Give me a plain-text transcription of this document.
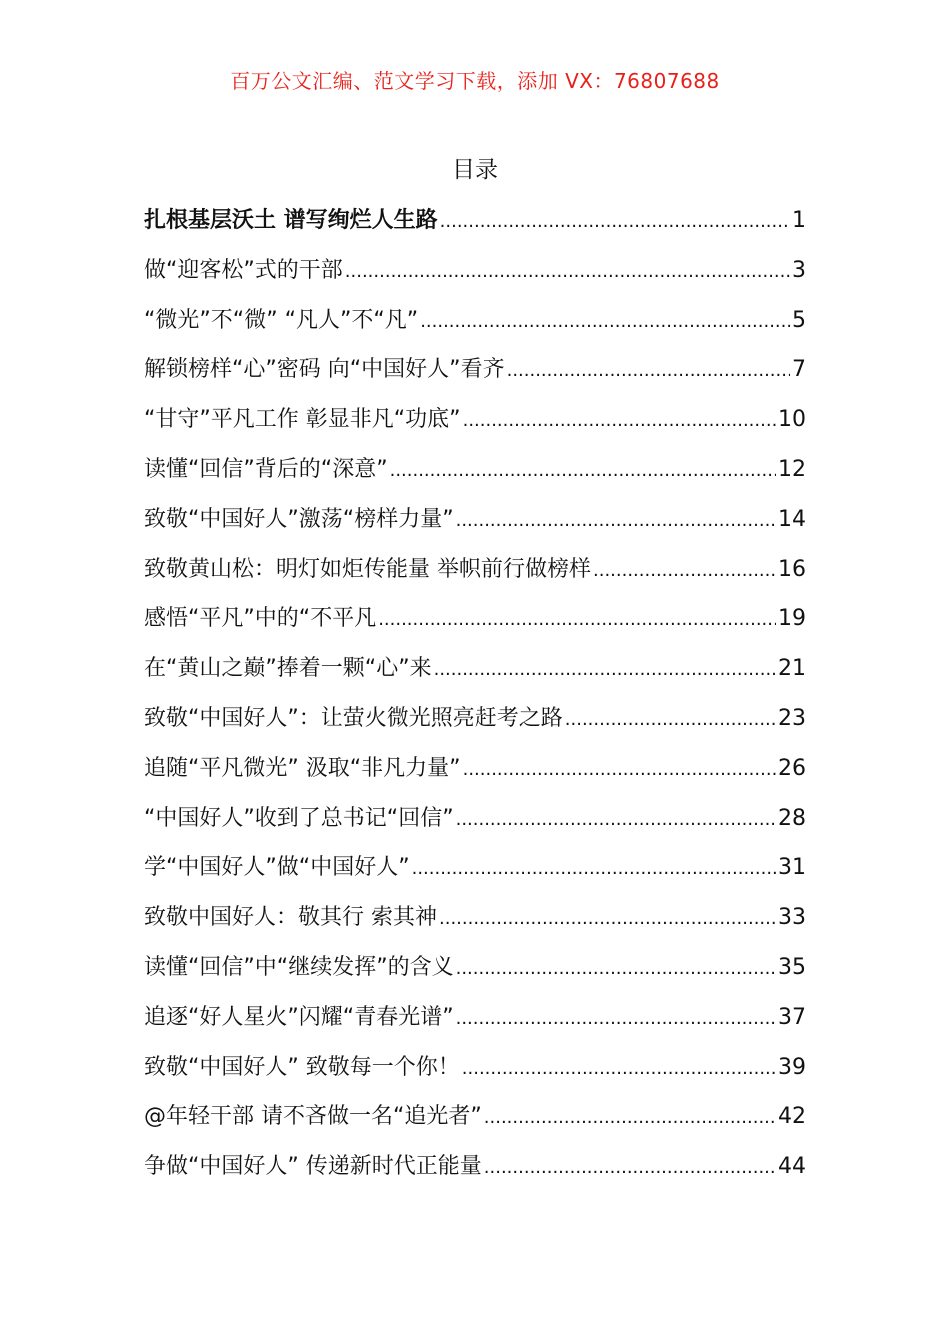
百万公文汇编、范文学习下载，添加 VX：76807688
目录
扎根基层沃土 谱写绚烂人生路 .....	1
做“迎客松”式的干部 .....	3
“微光”不“微” “凡人”不“凡” .....	5
解锁榜样“心”密码 向“中国好人”看齐 .....	7
“甘守”平凡工作 彰显非凡“功底” .....	10
读懂“回信”背后的“深意” .....	12
致敬“中国好人”激荡“榜样力量” .....	14
致敬黄山松：明灯如炬传能量 举帜前行做榜样 .....	16
感悟“平凡”中的“不平凡 .....	19
在“黄山之巅”捧着一颗“心”来 .....	21
致敬“中国好人”：让萤火微光照亮赶考之路 .....	23
追随“平凡微光” 汲取“非凡力量” .....	26
“中国好人”收到了总书记“回信” .....	28
学“中国好人”做“中国好人” .....	31
致敬中国好人：敬其行 索其神 .....	33
读懂“回信”中“继续发挥”的含义 .....	35
追逐“好人星火”闪耀“青春光谱” .....	37
致敬“中国好人” 致敬每一个你！ .....	39
@年轻干部 请不吝做一名“追光者” .....	42
争做“中国好人” 传递新时代正能量 .....	44
